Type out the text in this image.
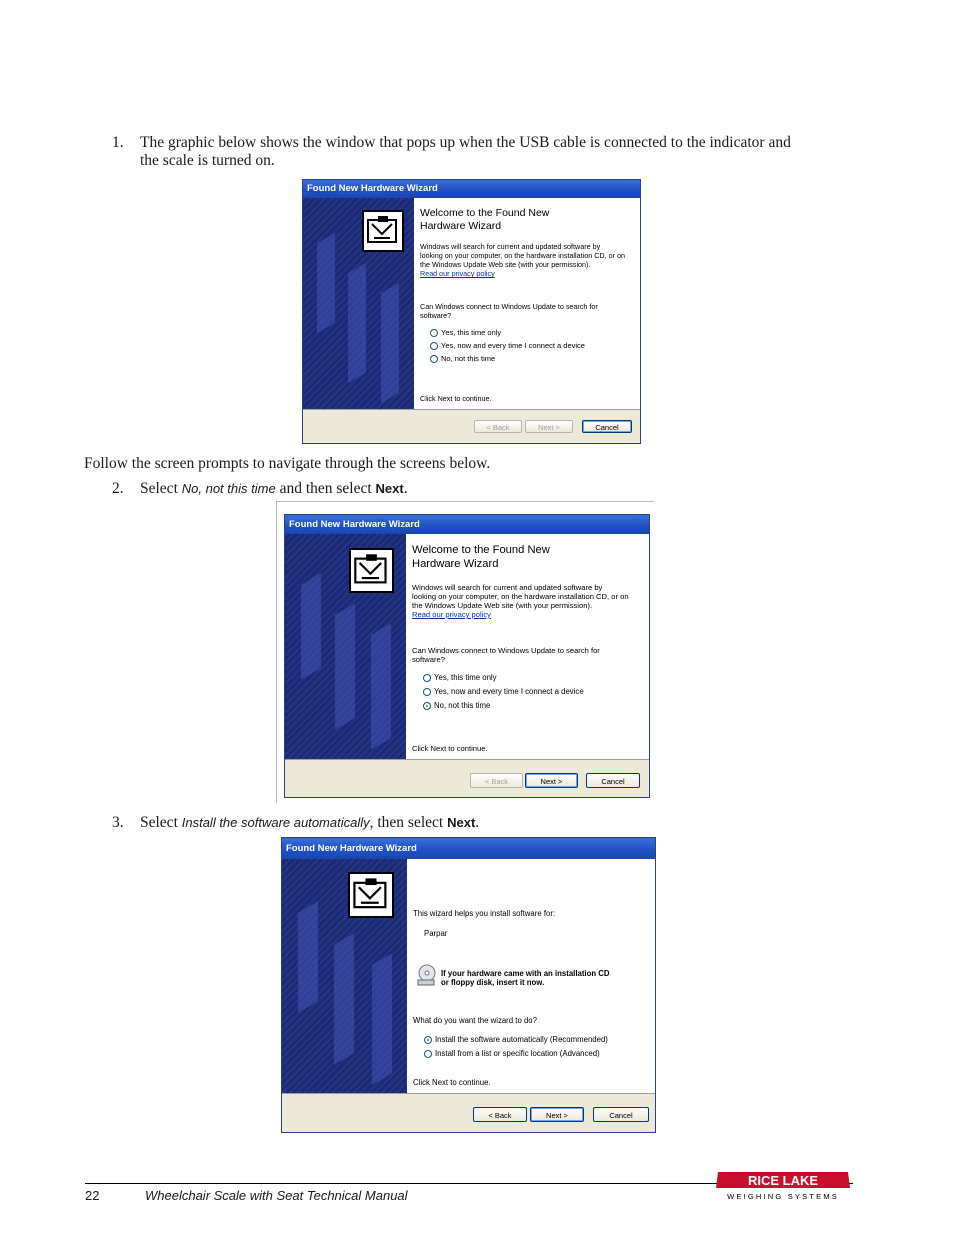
1. The graphic below shows the window that pops up when the USB cable is connected to the indicator and
the scale is turned on.
Found New Hardware Wizard
Welcome to the Found New
Hardware Wizard
Windows will search for current and updated software by
looking on your computer, on the hardware installation CD, or on
the Windows Update Web site (with your permission).
Read our privacy policy
Can Windows connect to Windows Update to search for
software?
Yes, this time only
Yes, now and every time I connect a device
No, not this time
Click Next to continue.
< Back	Next >	Cancel
Follow the screen prompts to navigate through the screens below.
2.	Select No, not this time and then select Next.
Found New Hardware Wizard
Welcome to the Found New
Hardware Wizard
Windows will search for current and updated software by
looking on your computer, on the hardware installation CD, or on
the Windows Update Web site (with your permission).
Read our privacy policy
Can Windows connect to Windows Update to search for
software?
Yes, this time only
Yes, now and every time I connect a device
No, not this time
Click Next to continue.
< Back	Next >	Cancel
3.	Select Install the software automatically, then select Next.
Found New Hardware Wizard
This wizard helps you install software for:
Parpar
If your hardware came with an installation CD
or floppy disk, insert it now.
What do you want the wizard to do?
Install the software automatically (Recommended)
Install from a list or specific location (Advanced)
Click Next to continue.
< Back	Next >	Cancel
22	Wheelchair Scale with Seat Technical Manual
RICE LAKE
WEIGHING SYSTEMS
